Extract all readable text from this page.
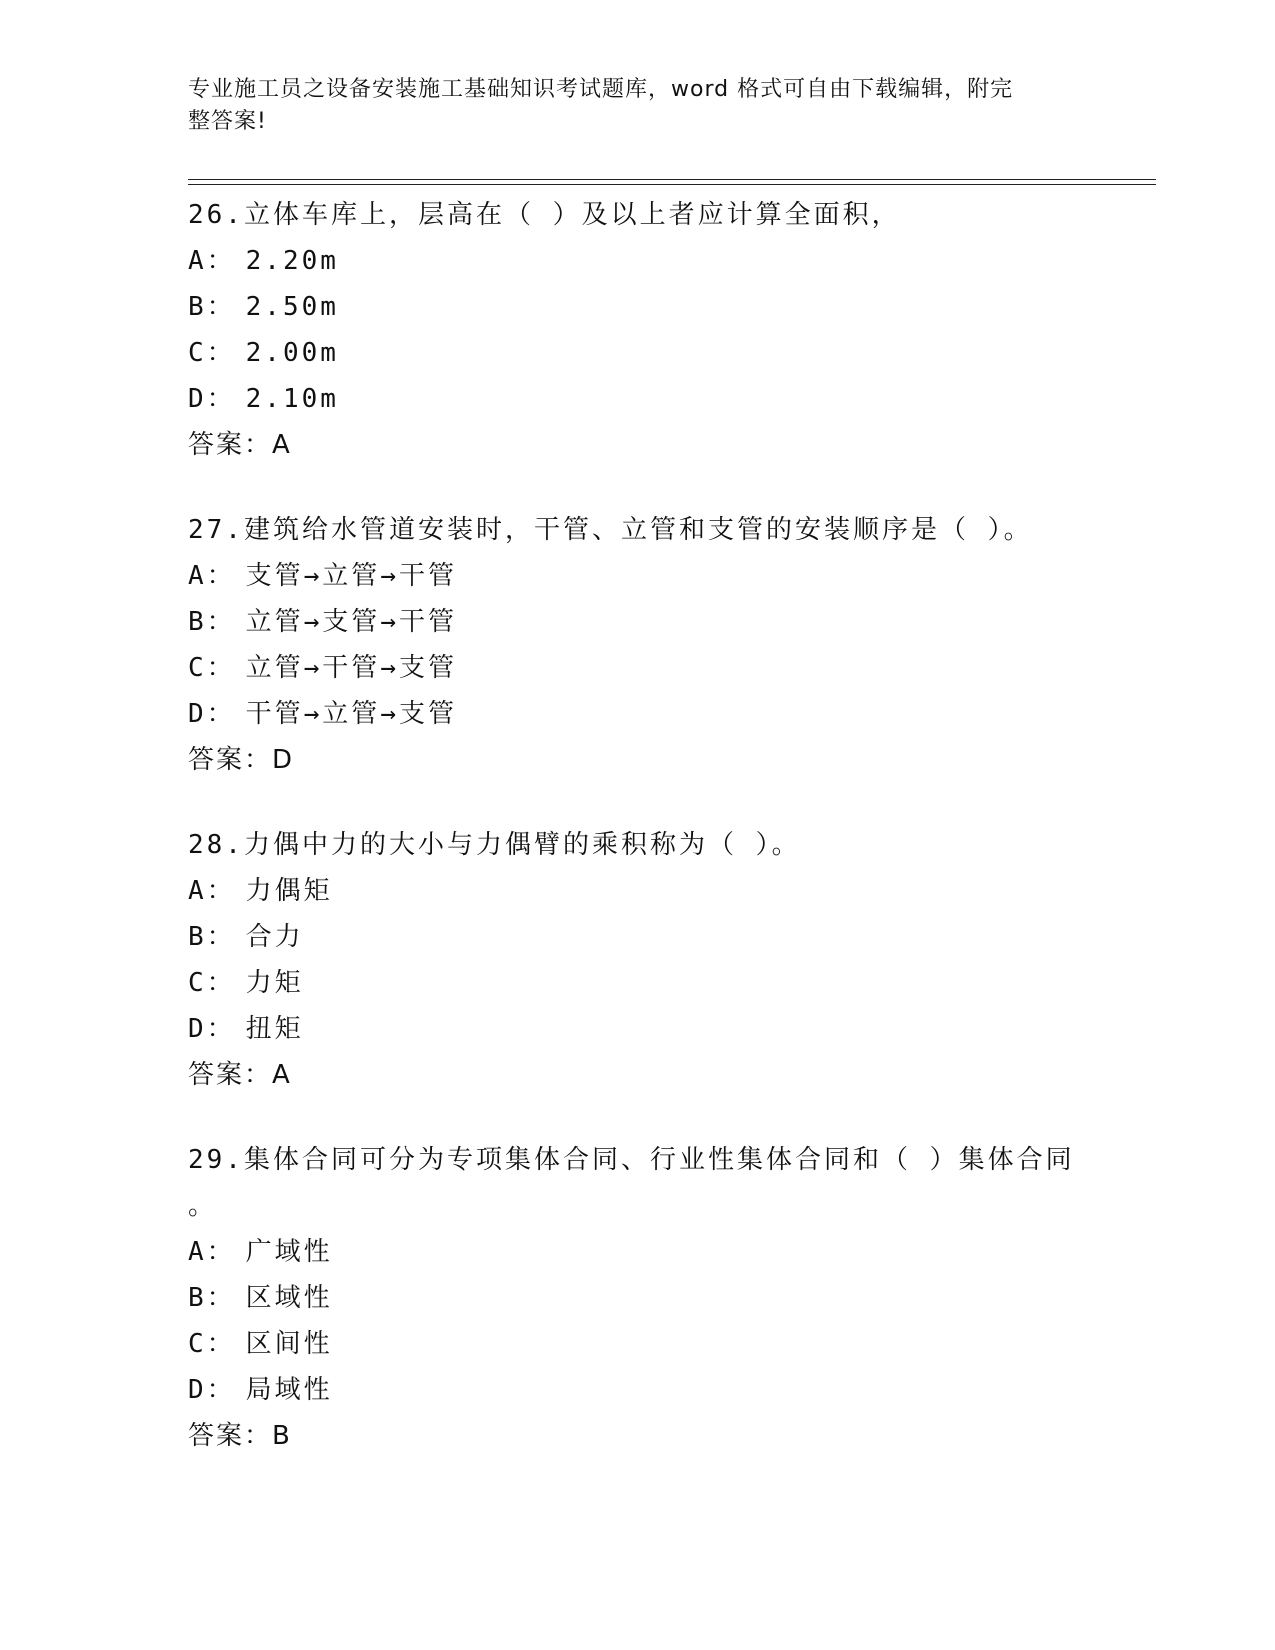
专业施工员之设备安装施工基础知识考试题库，word 格式可自由下载编辑，附完
整答案!
26.立体车库上，层高在（ ）及以上者应计算全面积，
A： 2.20m
B： 2.50m
C： 2.00m
D： 2.10m
答案：A
27.建筑给水管道安装时，干管、立管和支管的安装顺序是（ ）。
A： 支管→立管→干管
B： 立管→支管→干管
C： 立管→干管→支管
D： 干管→立管→支管
答案：D
28.力偶中力的大小与力偶臂的乘积称为（ ）。
A： 力偶矩
B： 合力
C： 力矩
D： 扭矩
答案：A
29.集体合同可分为专项集体合同、行业性集体合同和（ ）集体合同
。
A： 广域性
B： 区域性
C： 区间性
D： 局域性
答案：B
